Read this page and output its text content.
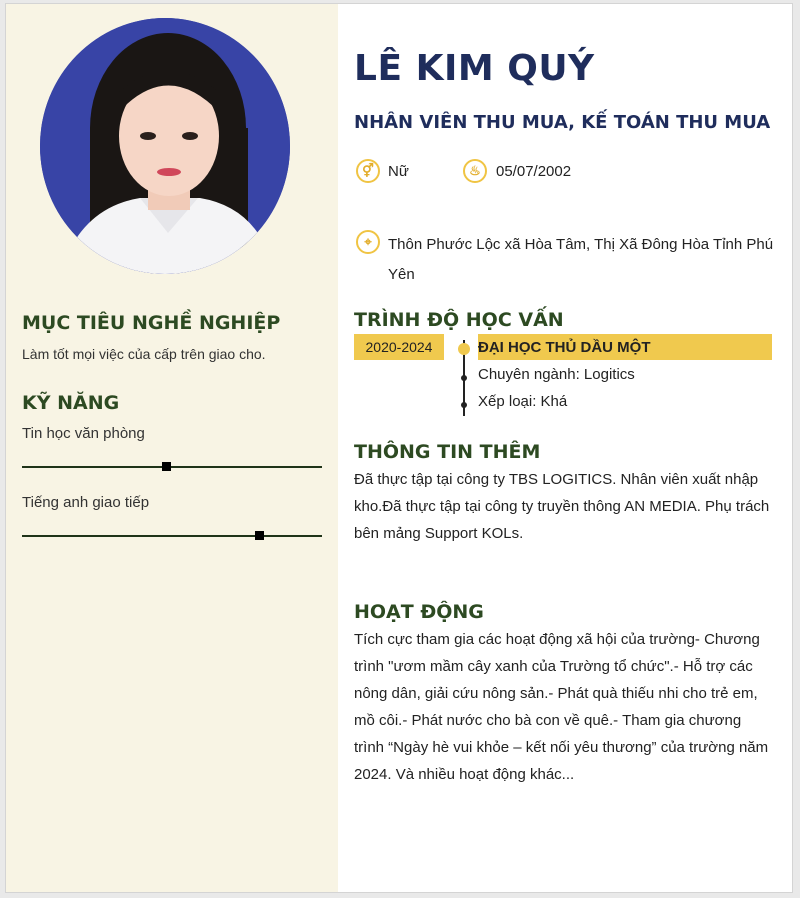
MỤC TIÊU NGHỀ NGHIỆP
Làm tốt mọi việc của cấp trên giao cho.
KỸ NĂNG
Tin học văn phòng
Tiếng anh giao tiếp
LÊ KIM QUÝ
NHÂN VIÊN THU MUA, KẾ TOÁN THU MUA
⚥ Nữ	♨	05/07/2002
⌖	Thôn Phước Lộc xã Hòa Tâm, Thị Xã Đông Hòa Tỉnh Phú Yên
TRÌNH ĐỘ HỌC VẤN
2020-2024	ĐẠI HỌC THỦ DẦU MỘT
Chuyên ngành: Logitics
Xếp loại: Khá
THÔNG TIN THÊM
Đã thực tập tại công ty TBS LOGITICS. Nhân viên xuất nhập kho.Đã thực tập tại công ty truyền thông AN MEDIA. Phụ trách bên mảng Support KOLs.
HOẠT ĐỘNG
Tích cực tham gia các hoạt động xã hội của trường- Chương trình "ươm mầm cây xanh của Trường tổ chức".- Hỗ trợ các nông dân, giải cứu nông sản.- Phát quà thiếu nhi cho trẻ em, mồ côi.- Phát nước cho bà con về quê.- Tham gia chương trình “Ngày hè vui khỏe – kết nối yêu thương” của trường năm 2024. Và nhiều hoạt động khác...
